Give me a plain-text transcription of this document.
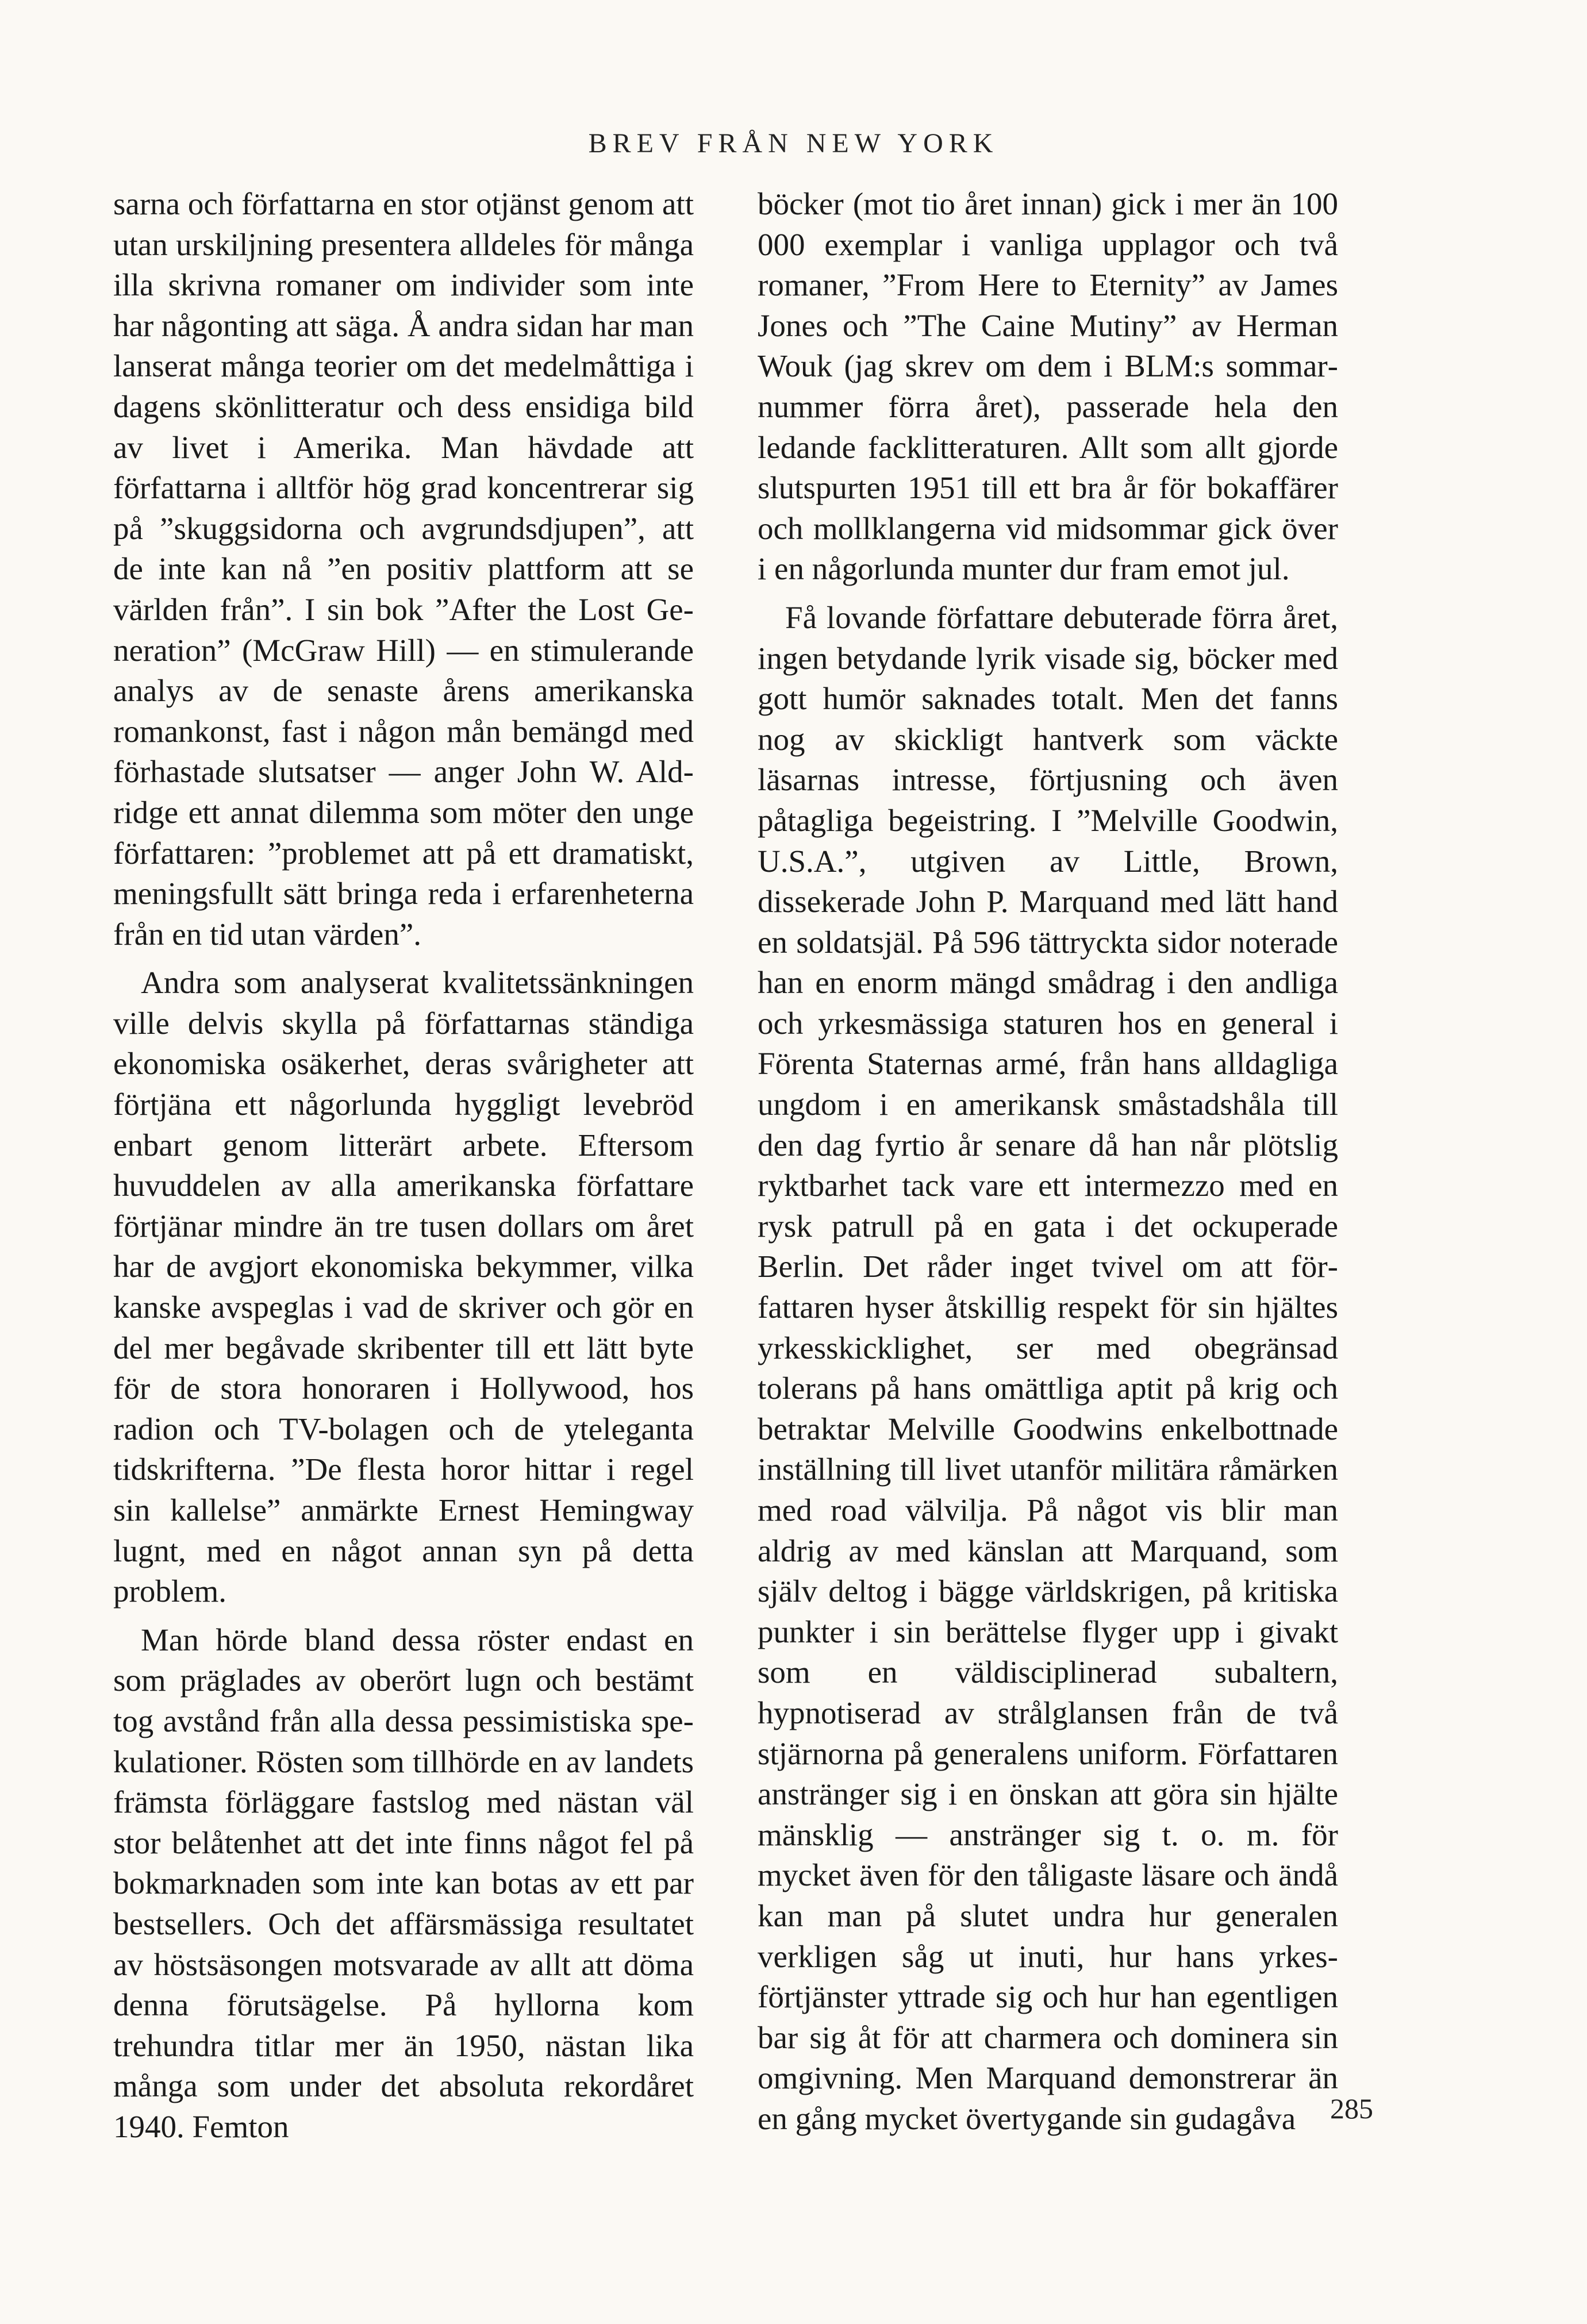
BREV FRÅN NEW YORK

sarna och författarna en stor otjänst genom att utan urskiljning presentera alldeles för många illa skrivna romaner om individer som inte har någonting att säga. Å andra sidan har man lanserat många teorier om det medelmåttiga i dagens skönlitteratur och dess ensidiga bild av livet i Amerika. Man hävdade att författarna i alltför hög grad koncentrerar sig på ”skuggsidorna och avgrundsdjupen”, att de inte kan nå ”en positiv plattform att se världen från”. I sin bok ”After the Lost Generation” (McGraw Hill) — en stimulerande analys av de senaste årens amerikanska romankonst, fast i någon mån bemängd med förhastade slutsatser — anger John W. Aldridge ett annat dilemma som möter den unge författaren: ”problemet att på ett dramatiskt, meningsfullt sätt bringa reda i erfarenheterna från en tid utan värden”.

Andra som analyserat kvalitetssänkningen ville delvis skylla på författarnas ständiga ekonomiska osäkerhet, deras svårigheter att förtjäna ett någorlunda hyggligt levebröd enbart genom litterärt arbete. Eftersom huvuddelen av alla amerikanska författare förtjänar mindre än tre tusen dollars om året har de avgjort ekonomiska bekymmer, vilka kanske avspeglas i vad de skriver och gör en del mer begåvade skribenter till ett lätt byte för de stora honoraren i Hollywood, hos radion och TV-bolagen och de yteleganta tidskrifterna. ”De flesta horor hittar i regel sin kallelse” anmärkte Ernest Hemingway lugnt, med en något annan syn på detta problem.

Man hörde bland dessa röster endast en som präglades av oberört lugn och bestämt tog avstånd från alla dessa pessimistiska spekulationer. Rösten som tillhörde en av landets främsta förläggare fastslog med nästan väl stor belåtenhet att det inte finns något fel på bokmarknaden som inte kan botas av ett par bestsellers. Och det affärsmässiga resultatet av höstsäsongen motsvarade av allt att döma denna förutsägelse. På hyllorna kom trehundra titlar mer än 1950, nästan lika många som under det absoluta rekordåret 1940. Femton

böcker (mot tio året innan) gick i mer än 100 000 exemplar i vanliga upplagor och två romaner, ”From Here to Eternity” av James Jones och ”The Caine Mutiny” av Herman Wouk (jag skrev om dem i BLM:s sommarnummer förra året), passerade hela den ledande facklitteraturen. Allt som allt gjorde slutspurten 1951 till ett bra år för bokaffärer och mollklangerna vid midsommar gick över i en någorlunda munter dur fram emot jul.

Få lovande författare debuterade förra året, ingen betydande lyrik visade sig, böcker med gott humör saknades totalt. Men det fanns nog av skickligt hantverk som väckte läsarnas intresse, förtjusning och även påtagliga begeistring. I ”Melville Goodwin, U.S.A.”, utgiven av Little, Brown, dissekerade John P. Marquand med lätt hand en soldatsjäl. På 596 tättryckta sidor noterade han en enorm mängd smådrag i den andliga och yrkesmässiga staturen hos en general i Förenta Staternas armé, från hans alldagliga ungdom i en amerikansk småstadshåla till den dag fyrtio år senare då han når plötslig ryktbarhet tack vare ett intermezzo med en rysk patrull på en gata i det ockuperade Berlin. Det råder inget tvivel om att författaren hyser åtskillig respekt för sin hjältes yrkesskicklighet, ser med obegränsad tolerans på hans omättliga aptit på krig och betraktar Melville Goodwins enkelbottnade inställning till livet utanför militära råmärken med road välvilja. På något vis blir man aldrig av med känslan att Marquand, som själv deltog i bägge världskrigen, på kritiska punkter i sin berättelse flyger upp i givakt som en väldisciplinerad subaltern, hypnotiserad av strålglansen från de två stjärnorna på generalens uniform. Författaren anstränger sig i en önskan att göra sin hjälte mänsklig — anstränger sig t. o. m. för mycket även för den tåligaste läsare och ändå kan man på slutet undra hur generalen verkligen såg ut inuti, hur hans yrkesförtjänster yttrade sig och hur han egentligen bar sig åt för att charmera och dominera sin omgivning. Men Marquand demonstrerar än en gång mycket övertygande sin gudagåva	285
